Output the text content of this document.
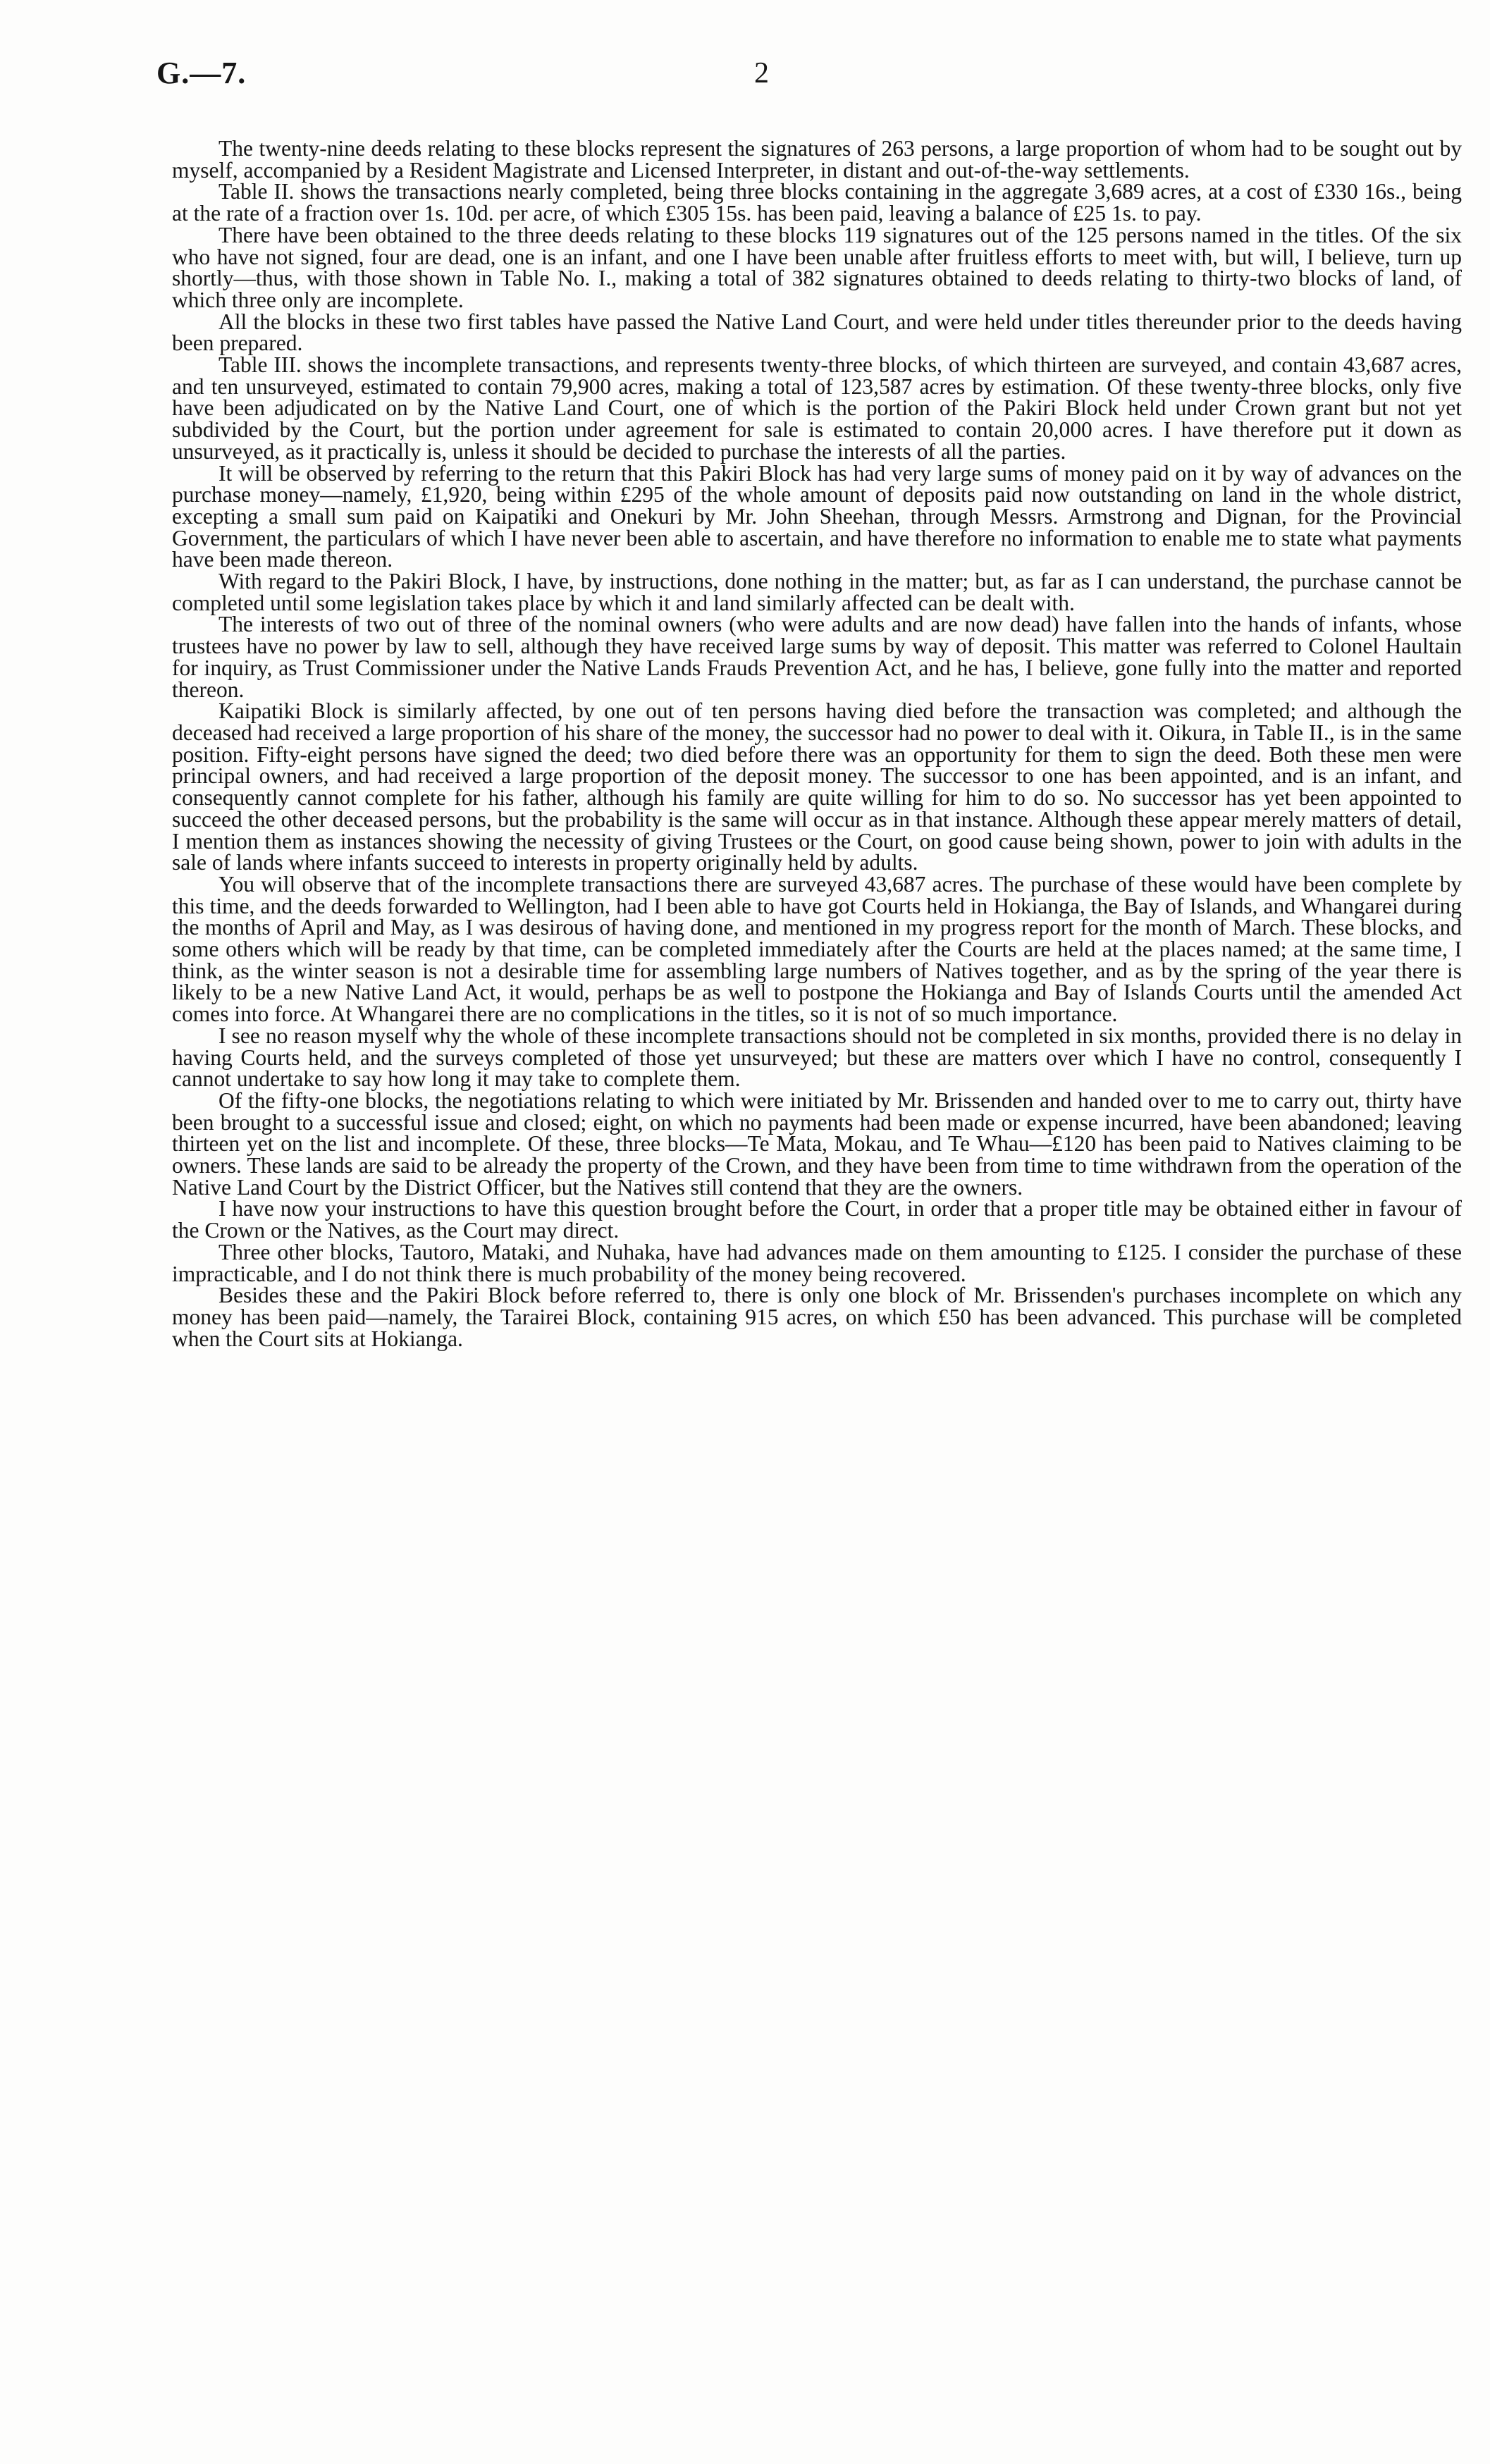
G.—7.	2

The twenty-nine deeds relating to these blocks represent the signatures of 263 persons, a large proportion of whom had to be sought out by myself, accompanied by a Resident Magistrate and Licensed Interpreter, in distant and out-of-the-way settlements.

Table II. shows the transactions nearly completed, being three blocks containing in the aggregate 3,689 acres, at a cost of £330 16s., being at the rate of a fraction over 1s. 10d. per acre, of which £305 15s. has been paid, leaving a balance of £25 1s. to pay.

There have been obtained to the three deeds relating to these blocks 119 signatures out of the 125 persons named in the titles. Of the six who have not signed, four are dead, one is an infant, and one I have been unable after fruitless efforts to meet with, but will, I believe, turn up shortly—thus, with those shown in Table No. I., making a total of 382 signatures obtained to deeds relating to thirty-two blocks of land, of which three only are incomplete.

All the blocks in these two first tables have passed the Native Land Court, and were held under titles thereunder prior to the deeds having been prepared.

Table III. shows the incomplete transactions, and represents twenty-three blocks, of which thirteen are surveyed, and contain 43,687 acres, and ten unsurveyed, estimated to contain 79,900 acres, making a total of 123,587 acres by estimation. Of these twenty-three blocks, only five have been adjudicated on by the Native Land Court, one of which is the portion of the Pakiri Block held under Crown grant but not yet subdivided by the Court, but the portion under agreement for sale is estimated to contain 20,000 acres. I have therefore put it down as unsurveyed, as it practically is, unless it should be decided to purchase the interests of all the parties.

It will be observed by referring to the return that this Pakiri Block has had very large sums of money paid on it by way of advances on the purchase money—namely, £1,920, being within £295 of the whole amount of deposits paid now outstanding on land in the whole district, excepting a small sum paid on Kaipatiki and Onekuri by Mr. John Sheehan, through Messrs. Armstrong and Dignan, for the Provincial Government, the particulars of which I have never been able to ascertain, and have therefore no information to enable me to state what payments have been made thereon.

With regard to the Pakiri Block, I have, by instructions, done nothing in the matter; but, as far as I can understand, the purchase cannot be completed until some legislation takes place by which it and land similarly affected can be dealt with.

The interests of two out of three of the nominal owners (who were adults and are now dead) have fallen into the hands of infants, whose trustees have no power by law to sell, although they have received large sums by way of deposit. This matter was referred to Colonel Haultain for inquiry, as Trust Commissioner under the Native Lands Frauds Prevention Act, and he has, I believe, gone fully into the matter and reported thereon.

Kaipatiki Block is similarly affected, by one out of ten persons having died before the transaction was completed; and although the deceased had received a large proportion of his share of the money, the successor had no power to deal with it. Oikura, in Table II., is in the same position. Fifty-eight persons have signed the deed; two died before there was an opportunity for them to sign the deed. Both these men were principal owners, and had received a large proportion of the deposit money. The successor to one has been appointed, and is an infant, and consequently cannot complete for his father, although his family are quite willing for him to do so. No successor has yet been appointed to succeed the other deceased persons, but the probability is the same will occur as in that instance. Although these appear merely matters of detail, I mention them as instances showing the necessity of giving Trustees or the Court, on good cause being shown, power to join with adults in the sale of lands where infants succeed to interests in property originally held by adults.

You will observe that of the incomplete transactions there are surveyed 43,687 acres. The purchase of these would have been complete by this time, and the deeds forwarded to Wellington, had I been able to have got Courts held in Hokianga, the Bay of Islands, and Whangarei during the months of April and May, as I was desirous of having done, and mentioned in my progress report for the month of March. These blocks, and some others which will be ready by that time, can be completed immediately after the Courts are held at the places named; at the same time, I think, as the winter season is not a desirable time for assembling large numbers of Natives together, and as by the spring of the year there is likely to be a new Native Land Act, it would, perhaps be as well to postpone the Hokianga and Bay of Islands Courts until the amended Act comes into force. At Whangarei there are no complications in the titles, so it is not of so much importance.

I see no reason myself why the whole of these incomplete transactions should not be completed in six months, provided there is no delay in having Courts held, and the surveys completed of those yet unsurveyed; but these are matters over which I have no control, consequently I cannot undertake to say how long it may take to complete them.

Of the fifty-one blocks, the negotiations relating to which were initiated by Mr. Brissenden and handed over to me to carry out, thirty have been brought to a successful issue and closed; eight, on which no payments had been made or expense incurred, have been abandoned; leaving thirteen yet on the list and incomplete. Of these, three blocks—Te Mata, Mokau, and Te Whau—£120 has been paid to Natives claiming to be owners. These lands are said to be already the property of the Crown, and they have been from time to time withdrawn from the operation of the Native Land Court by the District Officer, but the Natives still contend that they are the owners.

I have now your instructions to have this question brought before the Court, in order that a proper title may be obtained either in favour of the Crown or the Natives, as the Court may direct.

Three other blocks, Tautoro, Mataki, and Nuhaka, have had advances made on them amounting to £125. I consider the purchase of these impracticable, and I do not think there is much probability of the money being recovered.

Besides these and the Pakiri Block before referred to, there is only one block of Mr. Brissenden's purchases incomplete on which any money has been paid—namely, the Tarairei Block, containing 915 acres, on which £50 has been advanced. This purchase will be completed when the Court sits at Hokianga.
